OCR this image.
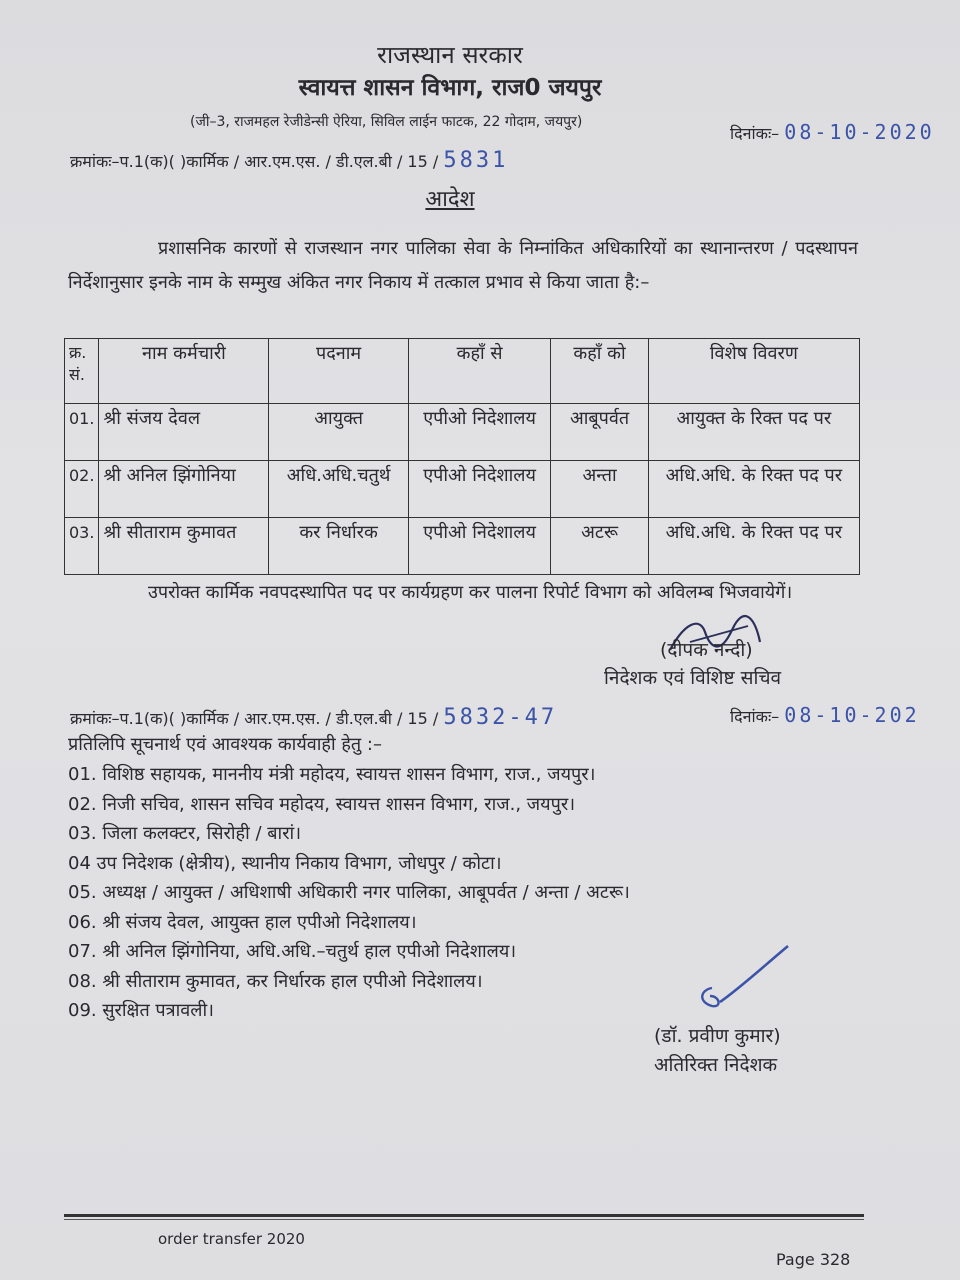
राजस्थान सरकार
स्वायत्त शासन विभाग, राज0 जयपुर
(जी–3, राजमहल रेजीडेन्सी ऐरिया, सिविल लाईन फाटक, 22 गोदाम, जयपुर)
क्रमांकः–प.1(क)( )कार्मिक / आर.एम.एस. / डी.एल.बी / 15 / 5831
दिनांकः– 08-10-2020
आदेश
प्रशासनिक कारणों से राजस्थान नगर पालिका सेवा के निम्नांकित अधिकारियों का स्थानान्तरण / पदस्थापन निर्देशानुसार इनके नाम के सम्मुख अंकित नगर निकाय में तत्काल प्रभाव से किया जाता है:–
क्र. सं.	नाम कर्मचारी	पदनाम	कहाँ से	कहाँ को	विशेष विवरण
01.	श्री संजय देवल	आयुक्त	एपीओ निदेशालय	आबूपर्वत	आयुक्त के रिक्त पद पर
02.	श्री अनिल झिंगोनिया	अधि.अधि.चतुर्थ	एपीओ निदेशालय	अन्ता	अधि.अधि. के रिक्त पद पर
03.	श्री सीताराम कुमावत	कर निर्धारक	एपीओ निदेशालय	अटरू	अधि.अधि. के रिक्त पद पर
उपरोक्त कार्मिक नवपदस्थापित पद पर कार्यग्रहण कर पालना रिपोर्ट विभाग को अविलम्ब भिजवायेगें।
(दीपक नन्दी)
निदेशक एवं विशिष्ट सचिव
क्रमांकः–प.1(क)( )कार्मिक / आर.एम.एस. / डी.एल.बी / 15 / 5832-47	दिनांकः– 08-10-202
प्रतिलिपि सूचनार्थ एवं आवश्यक कार्यवाही हेतु :–
01. विशिष्ठ सहायक, माननीय मंत्री महोदय, स्वायत्त शासन विभाग, राज., जयपुर।
02. निजी सचिव, शासन सचिव महोदय, स्वायत्त शासन विभाग, राज., जयपुर।
03. जिला कलक्टर, सिरोही / बारां।
04 उप निदेशक (क्षेत्रीय), स्थानीय निकाय विभाग, जोधपुर / कोटा।
05. अध्यक्ष / आयुक्त / अधिशाषी अधिकारी नगर पालिका, आबूपर्वत / अन्ता / अटरू।
06. श्री संजय देवल, आयुक्त हाल एपीओ निदेशालय।
07. श्री अनिल झिंगोनिया, अधि.अधि.–चतुर्थ हाल एपीओ निदेशालय।
08. श्री सीताराम कुमावत, कर निर्धारक हाल एपीओ निदेशालय।
09. सुरक्षित पत्रावली।
(डॉ. प्रवीण कुमार)
अतिरिक्त निदेशक
order transfer 2020
Page 328
